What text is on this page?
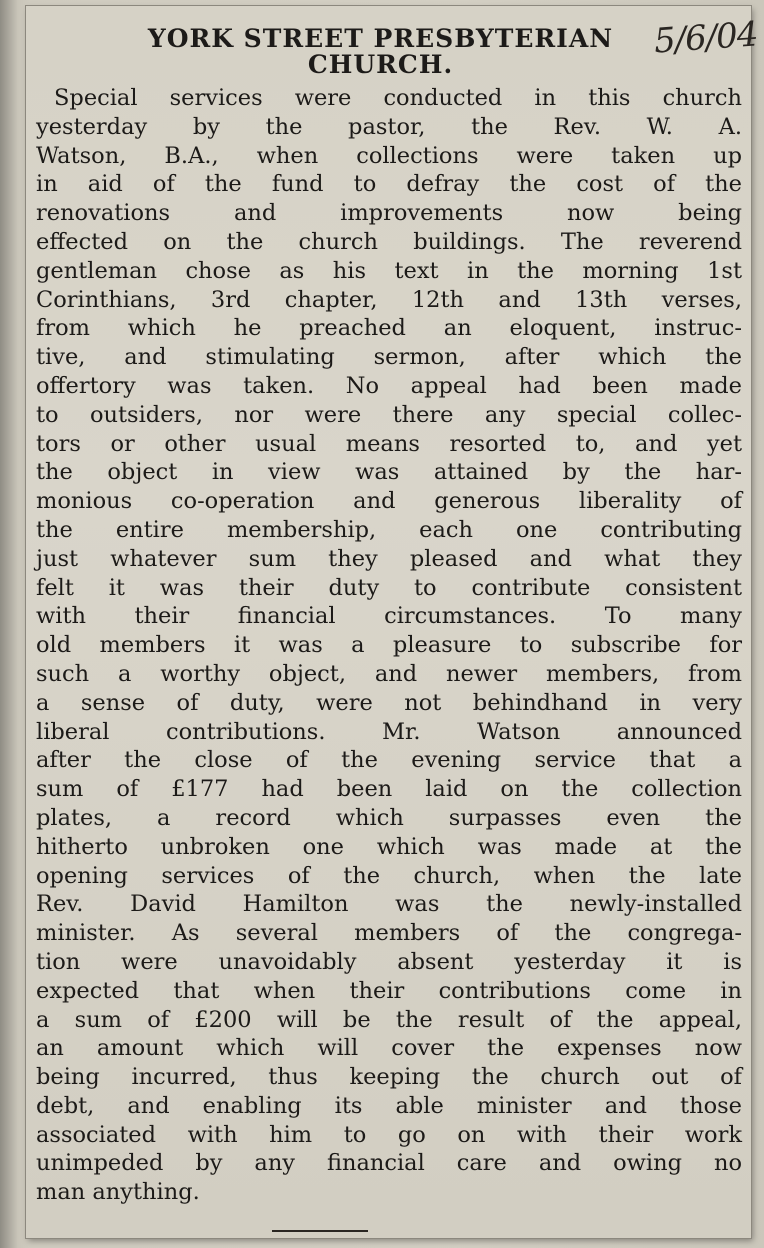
YORK STREET PRESBYTERIAN
CHURCH.
5/6/04
Special services were conducted in this church
yesterday by the pastor, the Rev. W. A.
Watson, B.A., when collections were taken up
in aid of the fund to defray the cost of the
renovations and improvements now being
effected on the church buildings. The reverend
gentleman chose as his text in the morning 1st
Corinthians, 3rd chapter, 12th and 13th verses,
from which he preached an eloquent, instruc-
tive, and stimulating sermon, after which the
offertory was taken. No appeal had been made
to outsiders, nor were there any special collec-
tors or other usual means resorted to, and yet
the object in view was attained by the har-
monious co-operation and generous liberality of
the entire membership, each one contributing
just whatever sum they pleased and what they
felt it was their duty to contribute consistent
with their financial circumstances. To many
old members it was a pleasure to subscribe for
such a worthy object, and newer members, from
a sense of duty, were not behindhand in very
liberal contributions. Mr. Watson announced
after the close of the evening service that a
sum of £177 had been laid on the collection
plates, a record which surpasses even the
hitherto unbroken one which was made at the
opening services of the church, when the late
Rev. David Hamilton was the newly-installed
minister. As several members of the congrega-
tion were unavoidably absent yesterday it is
expected that when their contributions come in
a sum of £200 will be the result of the appeal,
an amount which will cover the expenses now
being incurred, thus keeping the church out of
debt, and enabling its able minister and those
associated with him to go on with their work
unimpeded by any financial care and owing no
man anything.
